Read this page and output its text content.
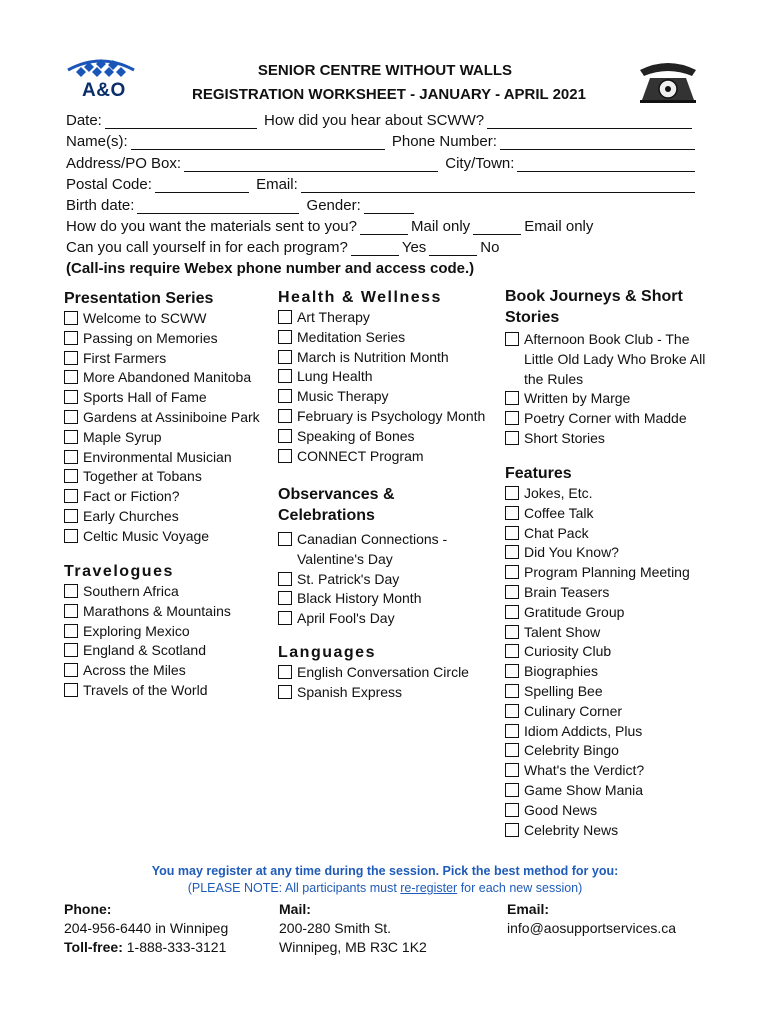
A&O
SENIOR CENTRE WITHOUT WALLS
REGISTRATION WORKSHEET - JANUARY - APRIL 2021
Date:	How did you hear about SCWW?
Name(s):	Phone Number:
Address/PO Box:	City/Town:
Postal Code:	Email:
Birth date:	Gender:
How do you want the materials sent to you?	Mail only	Email only
Can you call yourself in for each program?	Yes	No
(Call-ins require Webex phone number and access code.)
Presentation Series
Welcome to SCWW
Passing on Memories
First Farmers
More Abandoned Manitoba
Sports Hall of Fame
Gardens at Assiniboine Park
Maple Syrup
Environmental Musician
Together at Tobans
Fact or Fiction?
Early Churches
Celtic Music Voyage
Travelogues
Southern Africa
Marathons & Mountains
Exploring Mexico
England & Scotland
Across the Miles
Travels of the World
Health & Wellness
Art Therapy
Meditation Series
March is Nutrition Month
Lung Health
Music Therapy
February is Psychology Month
Speaking of Bones
CONNECT Program
Observances &
Celebrations
Canadian Connections - Valentine's Day
St. Patrick's Day
Black History Month
April Fool's Day
Languages
English Conversation Circle
Spanish Express
Book Journeys & Short
Stories
Afternoon Book Club - The Little Old Lady Who Broke All the Rules
Written by Marge
Poetry Corner with Madde
Short Stories
Features
Jokes, Etc.
Coffee Talk
Chat Pack
Did You Know?
Program Planning Meeting
Brain Teasers
Gratitude Group
Talent Show
Curiosity Club
Biographies
Spelling Bee
Culinary Corner
Idiom Addicts, Plus
Celebrity Bingo
What's the Verdict?
Game Show Mania
Good News
Celebrity News
You may register at any time during the session. Pick the best method for you:
(PLEASE NOTE: All participants must re-register for each new session)
Phone:
204-956-6440 in Winnipeg
Toll-free: 1-888-333-3121
Mail:
200-280 Smith St.
Winnipeg, MB R3C 1K2
Email:
info@aosupportservices.ca
